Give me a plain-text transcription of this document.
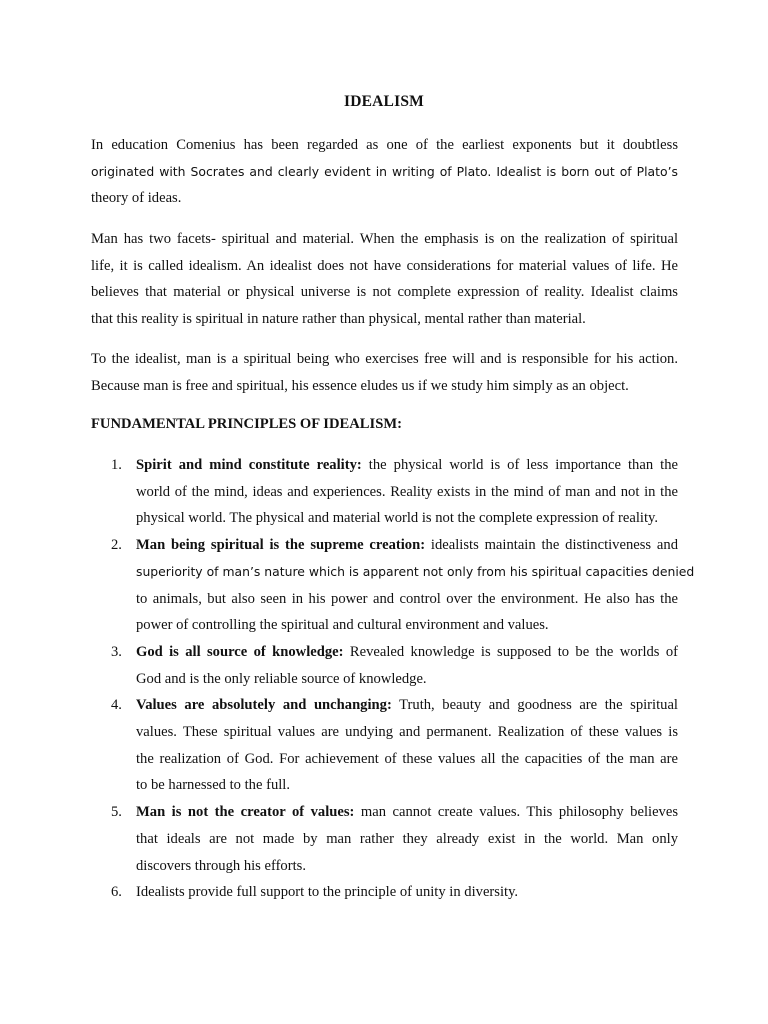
IDEALISM

In education Comenius has been regarded as one of the earliest exponents but it doubtless
originated with Socrates and clearly evident in writing of Plato. Idealist is born out of Plato’s
theory of ideas.

Man has two facets- spiritual and material. When the emphasis is on the realization of spiritual
life, it is called idealism. An idealist does not have considerations for material values of life. He
believes that material or physical universe is not complete expression of reality. Idealist claims
that this reality is spiritual in nature rather than physical, mental rather than material.

To the idealist, man is a spiritual being who exercises free will and is responsible for his action.
Because man is free and spiritual, his essence eludes us if we study him simply as an object.

FUNDAMENTAL PRINCIPLES OF IDEALISM:
1. Spirit and mind constitute reality: the physical world is of less importance than the
world of the mind, ideas and experiences. Reality exists in the mind of man and not in the
physical world. The physical and material world is not the complete expression of reality.
2. Man being spiritual is the supreme creation: idealists maintain the distinctiveness and
superiority of man’s nature which is apparent not only from his spiritual capacities denied
to animals, but also seen in his power and control over the environment. He also has the
power of controlling the spiritual and cultural environment and values.
3. God is all source of knowledge: Revealed knowledge is supposed to be the worlds of
God and is the only reliable source of knowledge.
4. Values are absolutely and unchanging: Truth, beauty and goodness are the spiritual
values. These spiritual values are undying and permanent. Realization of these values is
the realization of God. For achievement of these values all the capacities of the man are
to be harnessed to the full.
5. Man is not the creator of values: man cannot create values. This philosophy believes
that ideals are not made by man rather they already exist in the world. Man only
discovers through his efforts.
6. Idealists provide full support to the principle of unity in diversity.
